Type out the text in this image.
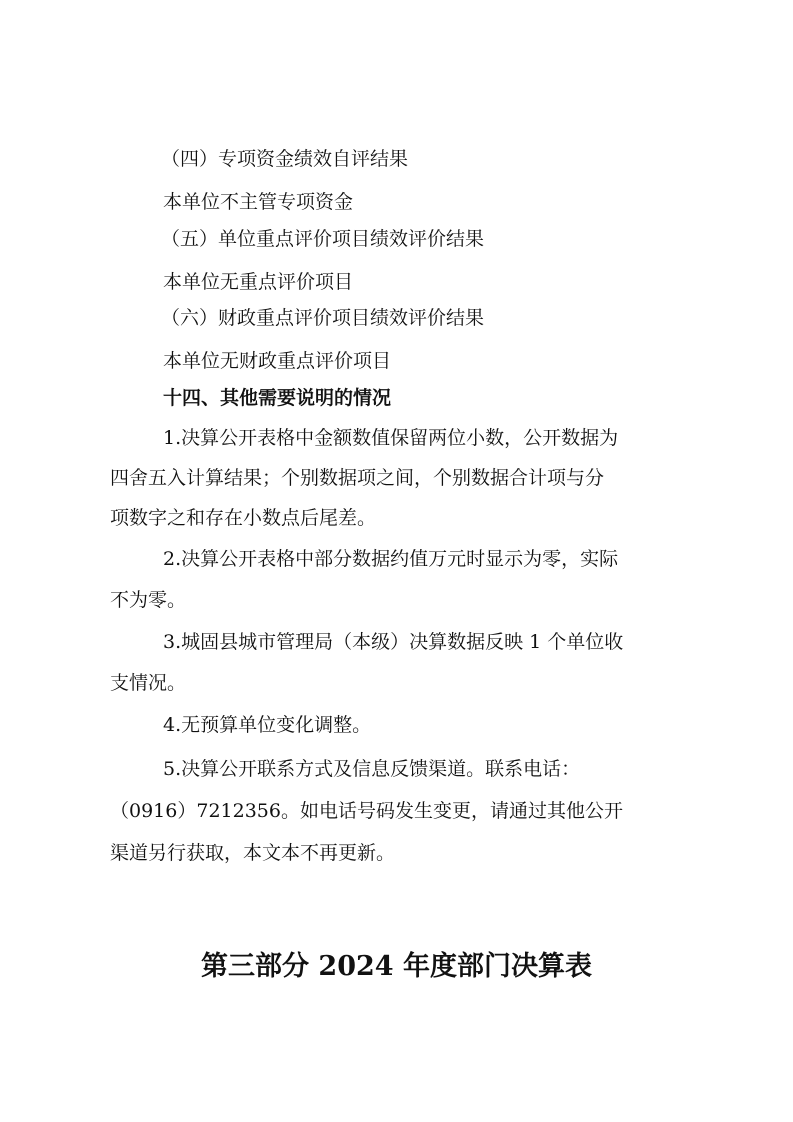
（四）专项资金绩效自评结果
本单位不主管专项资金
（五）单位重点评价项目绩效评价结果
本单位无重点评价项目
（六）财政重点评价项目绩效评价结果
本单位无财政重点评价项目
十四、其他需要说明的情况
1.决算公开表格中金额数值保留两位小数，公开数据为
四舍五入计算结果；个别数据项之间，个别数据合计项与分
项数字之和存在小数点后尾差。
2.决算公开表格中部分数据约值万元时显示为零，实际
不为零。
3.城固县城市管理局（本级）决算数据反映 1 个单位收
支情况。
4.无预算单位变化调整。
5.决算公开联系方式及信息反馈渠道。联系电话：
（0916）7212356。如电话号码发生变更，请通过其他公开
渠道另行获取，本文本不再更新。
第三部分 2024 年度部门决算表
